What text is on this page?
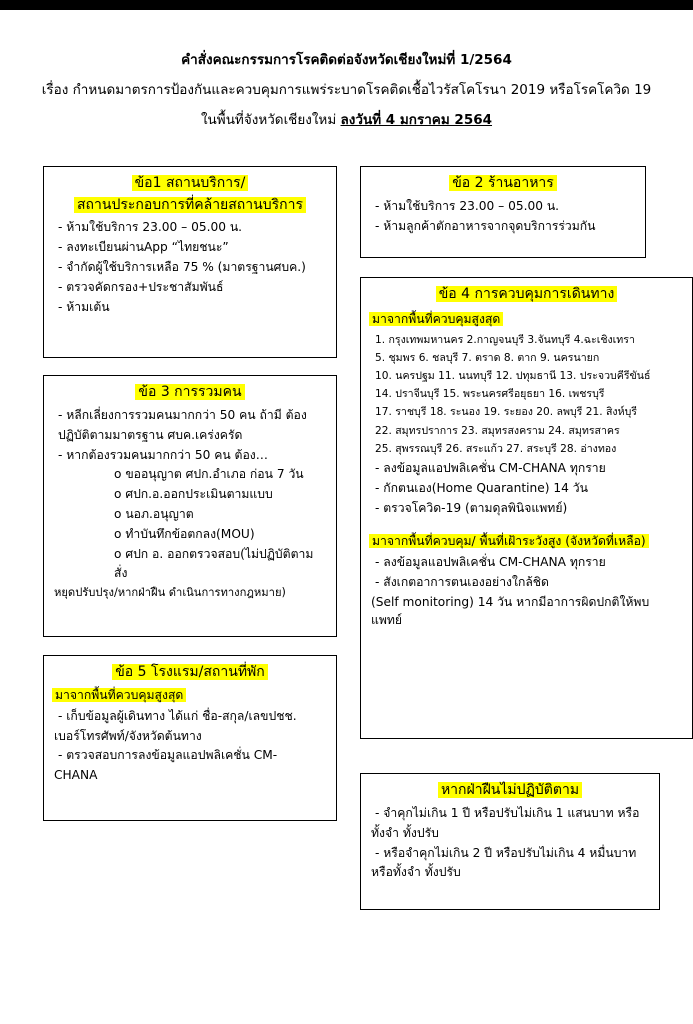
คำสั่งคณะกรรมการโรคติดต่อจังหวัดเชียงใหม่ที่ 1/2564
เรื่อง กำหนดมาตรการป้องกันและควบคุมการแพร่ระบาดโรคติดเชื้อไวรัสโคโรนา 2019 หรือโรคโควิด 19
ในพื้นที่จังหวัดเชียงใหม่ ลงวันที่ 4 มกราคม 2564
ข้อ1 สถานบริการ/
สถานประกอบการที่คล้ายสถานบริการ
- ห้ามใช้บริการ 23.00 – 05.00 น.
- ลงทะเบียนผ่านApp “ไทยชนะ”
- จำกัดผู้ใช้บริการเหลือ 75 % (มาตรฐานศบค.)
- ตรวจคัดกรอง+ประชาสัมพันธ์
- ห้ามเต้น
ข้อ 2 ร้านอาหาร
- ห้ามใช้บริการ 23.00 – 05.00 น.
- ห้ามลูกค้าตักอาหารจากจุดบริการร่วมกัน
ข้อ 3 การรวมคน
- หลีกเลี่ยงการรวมคนมากกว่า 50 คน ถ้ามี ต้อง
ปฏิบัติตามมาตรฐาน ศบค.เคร่งครัด
- หากต้องรวมคนมากกว่า 50 คน ต้อง…
o ขออนุญาต ศปก.อำเภอ ก่อน 7 วัน
o ศปก.อ.ออกประเมินตามแบบ
o นอภ.อนุญาต
o ทำบันทึกข้อตกลง(MOU)
o ศปก อ. ออกตรวจสอบ(ไม่ปฏิบัติตาม สั่ง
หยุดปรับปรุง/หากฝ่าฝืน ดำเนินการทางกฎหมาย)
ข้อ 4 การควบคุมการเดินทาง
มาจากพื้นที่ควบคุมสูงสุด
1. กรุงเทพมหานคร 2.กาญจนบุรี 3.จันทบุรี 4.ฉะเชิงเทรา
5. ชุมพร 6. ชลบุรี 7. ตราด 8. ตาก 9. นครนายก
10. นครปฐม 11. นนทบุรี 12. ปทุมธานี 13. ประจวบคีรีขันธ์
14. ปราจีนบุรี 15. พระนครศรีอยุธยา 16. เพชรบุรี
17. ราชบุรี 18. ระนอง 19. ระยอง 20. ลพบุรี 21. สิงห์บุรี
22. สมุทรปราการ 23. สมุทรสงคราม 24. สมุทรสาคร
25. สุพรรณบุรี 26. สระแก้ว 27. สระบุรี 28. อ่างทอง
- ลงข้อมูลแอปพลิเคชั่น CM-CHANA ทุกราย
- กักตนเอง(Home Quarantine) 14 วัน
- ตรวจโควิด-19 (ตามดุลพินิจแพทย์)
มาจากพื้นที่ควบคุม/ พื้นที่เฝ้าระวังสูง (จังหวัดที่เหลือ)
- ลงข้อมูลแอปพลิเคชั่น CM-CHANA ทุกราย
- สังเกตอาการตนเองอย่างใกล้ชิด
(Self monitoring) 14 วัน หากมีอาการผิดปกติให้พบ
แพทย์
ข้อ 5 โรงแรม/สถานที่พัก
มาจากพื้นที่ควบคุมสูงสุด
- เก็บข้อมูลผู้เดินทาง ได้แก่ ชื่อ-สกุล/เลขปชช.
เบอร์โทรศัพท์/จังหวัดต้นทาง
- ตรวจสอบการลงข้อมูลแอปพลิเคชั่น CM-
CHANA
หากฝ่าฝืนไม่ปฏิบัติตาม
- จำคุกไม่เกิน 1 ปี หรือปรับไม่เกิน 1 แสนบาท หรือ
ทั้งจำ ทั้งปรับ
- หรือจำคุกไม่เกิน 2 ปี หรือปรับไม่เกิน 4 หมื่นบาท
หรือทั้งจำ ทั้งปรับ
